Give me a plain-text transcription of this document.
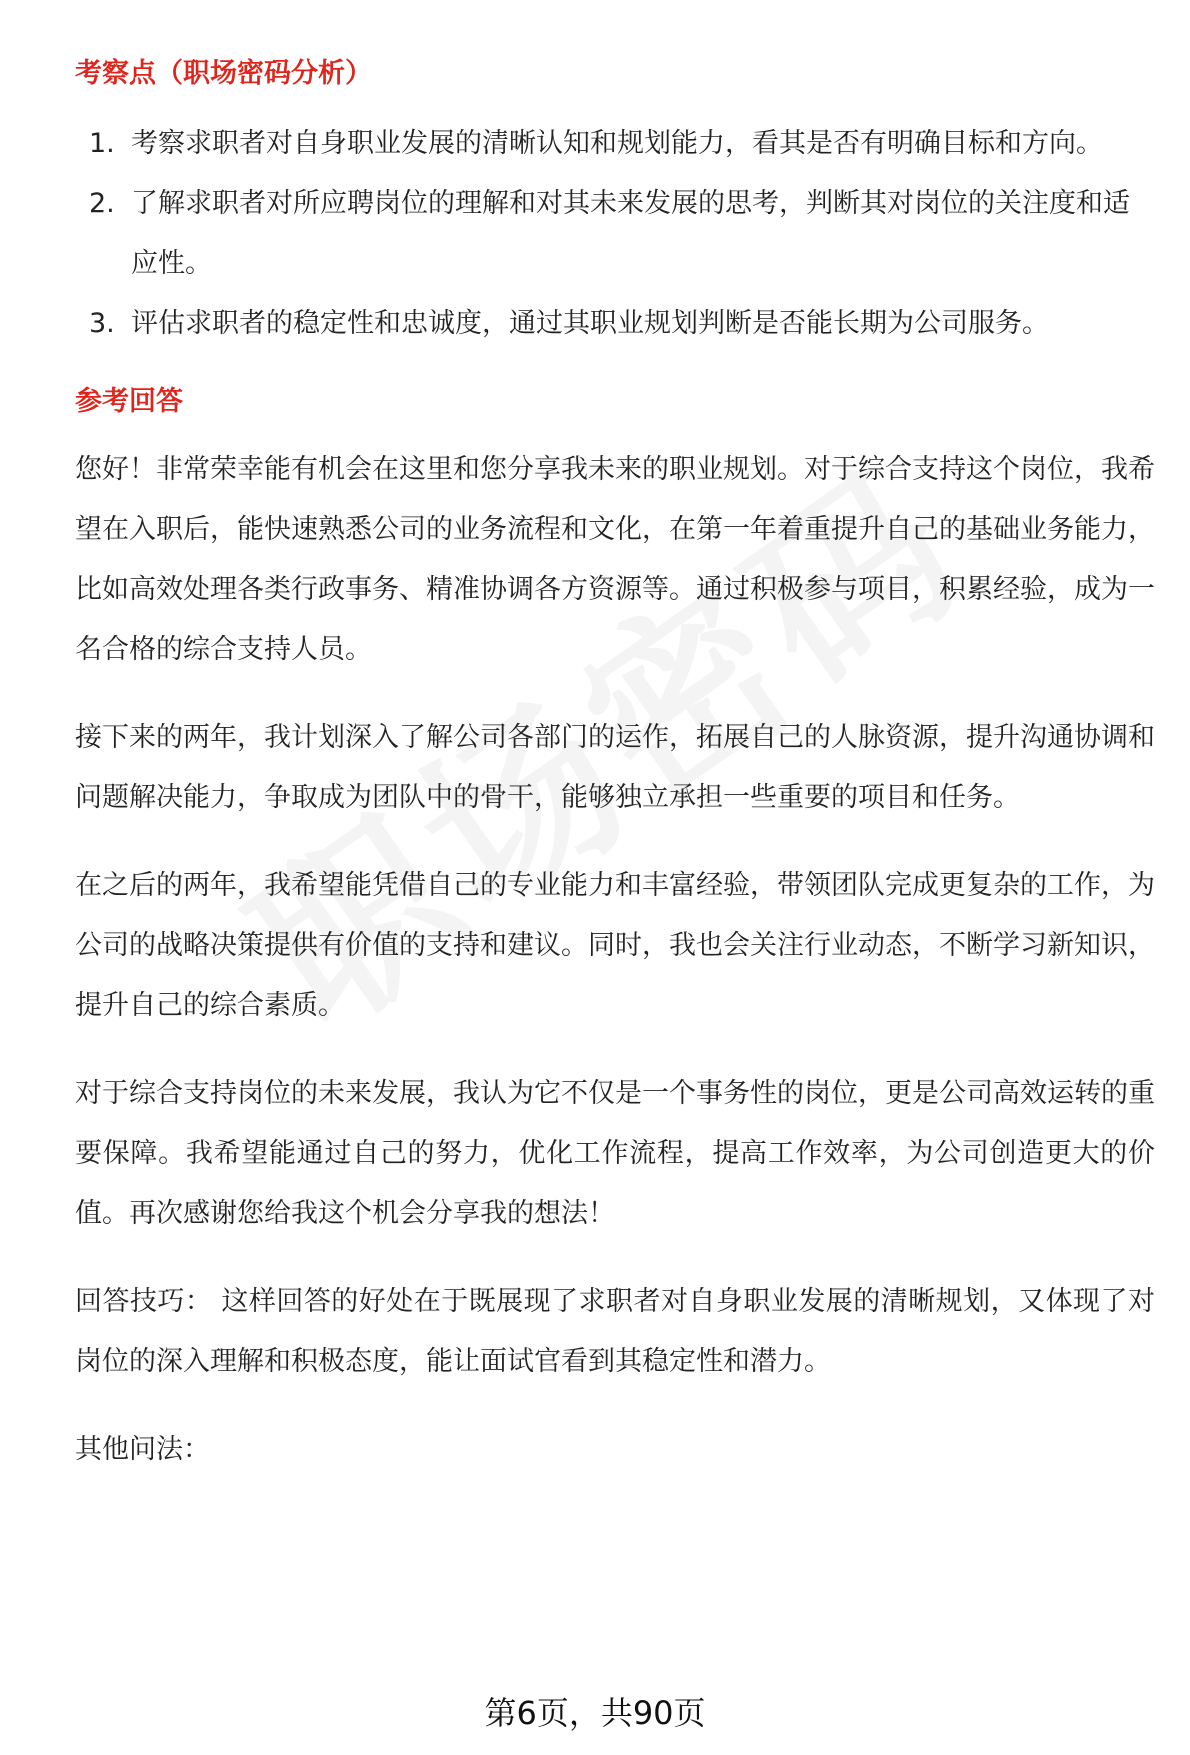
考察点（职场密码分析）
1. 考察求职者对自身职业发展的清晰认知和规划能力，看其是否有明确目标和方向。
2. 了解求职者对所应聘岗位的理解和对其未来发展的思考，判断其对岗位的关注度和适应性。
3. 评估求职者的稳定性和忠诚度，通过其职业规划判断是否能长期为公司服务。
参考回答

您好！非常荣幸能有机会在这里和您分享我未来的职业规划。对于综合支持这个岗位，我希望在入职后，能快速熟悉公司的业务流程和文化，在第一年着重提升自己的基础业务能力，比如高效处理各类行政事务、精准协调各方资源等。通过积极参与项目，积累经验，成为一名合格的综合支持人员。

接下来的两年，我计划深入了解公司各部门的运作，拓展自己的人脉资源，提升沟通协调和问题解决能力，争取成为团队中的骨干，能够独立承担一些重要的项目和任务。

在之后的两年，我希望能凭借自己的专业能力和丰富经验，带领团队完成更复杂的工作，为公司的战略决策提供有价值的支持和建议。同时，我也会关注行业动态，不断学习新知识，提升自己的综合素质。

对于综合支持岗位的未来发展，我认为它不仅是一个事务性的岗位，更是公司高效运转的重要保障。我希望能通过自己的努力，优化工作流程，提高工作效率，为公司创造更大的价值。再次感谢您给我这个机会分享我的想法！

回答技巧： 这样回答的好处在于既展现了求职者对自身职业发展的清晰规划，又体现了对岗位的深入理解和积极态度，能让面试官看到其稳定性和潜力。

其他问法：

第6页，共90页
